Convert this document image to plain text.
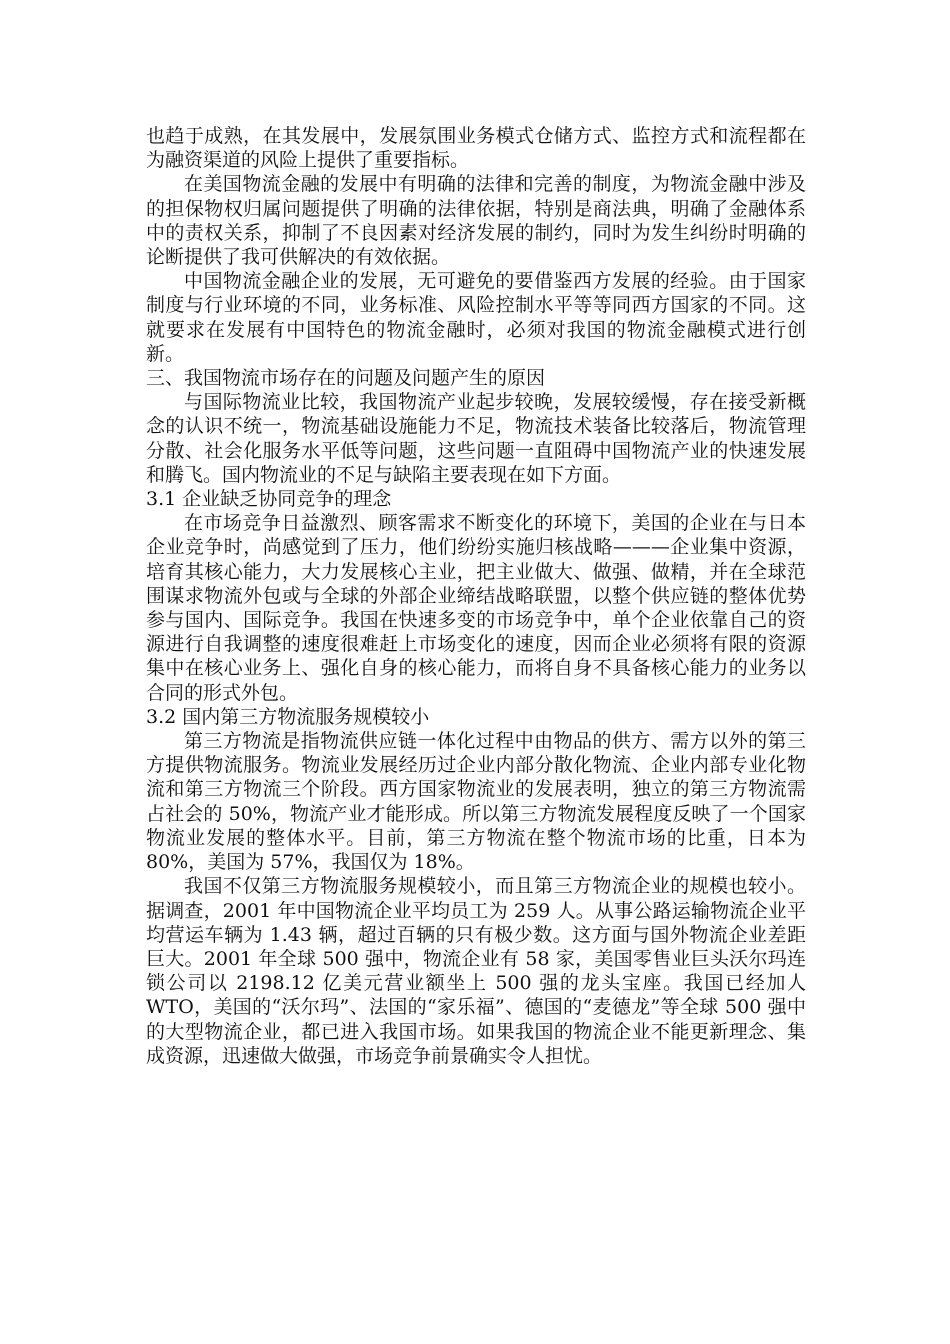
也趋于成熟，在其发展中，发展氛围业务模式仓储方式、监控方式和流程都在为融资渠道的风险上提供了重要指标。

在美国物流金融的发展中有明确的法律和完善的制度，为物流金融中涉及的担保物权归属问题提供了明确的法律依据，特别是商法典，明确了金融体系中的责权关系，抑制了不良因素对经济发展的制约，同时为发生纠纷时明确的论断提供了我可供解决的有效依据。

中国物流金融企业的发展，无可避免的要借鉴西方发展的经验。由于国家制度与行业环境的不同，业务标准、风险控制水平等等同西方国家的不同。这就要求在发展有中国特色的物流金融时，必须对我国的物流金融模式进行创新。

三、我国物流市场存在的问题及问题产生的原因

与国际物流业比较，我国物流产业起步较晚，发展较缓慢，存在接受新概念的认识不统一，物流基础设施能力不足，物流技术装备比较落后，物流管理分散、社会化服务水平低等问题，这些问题一直阻碍中国物流产业的快速发展和腾飞。国内物流业的不足与缺陷主要表现在如下方面。

3.1 企业缺乏协同竞争的理念

在市场竞争日益激烈、顾客需求不断变化的环境下，美国的企业在与日本企业竞争时，尚感觉到了压力，他们纷纷实施归核战略———企业集中资源，培育其核心能力，大力发展核心主业，把主业做大、做强、做精，并在全球范围谋求物流外包或与全球的外部企业缔结战略联盟，以整个供应链的整体优势参与国内、国际竞争。我国在快速多变的市场竞争中，单个企业依靠自己的资源进行自我调整的速度很难赶上市场变化的速度，因而企业必须将有限的资源集中在核心业务上、强化自身的核心能力，而将自身不具备核心能力的业务以合同的形式外包。

3.2 国内第三方物流服务规模较小

第三方物流是指物流供应链一体化过程中由物品的供方、需方以外的第三方提供物流服务。物流业发展经历过企业内部分散化物流、企业内部专业化物流和第三方物流三个阶段。西方国家物流业的发展表明，独立的第三方物流需占社会的 50%，物流产业才能形成。所以第三方物流发展程度反映了一个国家物流业发展的整体水平。目前，第三方物流在整个物流市场的比重，日本为 80%，美国为 57%，我国仅为 18%。

我国不仅第三方物流服务规模较小，而且第三方物流企业的规模也较小。据调查，2001 年中国物流企业平均员工为 259 人。从事公路运输物流企业平均营运车辆为 1.43 辆，超过百辆的只有极少数。这方面与国外物流企业差距巨大。2001 年全球 500 强中，物流企业有 58 家，美国零售业巨头沃尔玛连锁公司以 2198.12 亿美元营业额坐上 500 强的龙头宝座。我国已经加人 WTO，美国的“沃尔玛”、法国的“家乐福”、德国的“麦德龙”等全球 500 强中的大型物流企业，都已进入我国市场。如果我国的物流企业不能更新理念、集成资源，迅速做大做强，市场竞争前景确实令人担忧。
